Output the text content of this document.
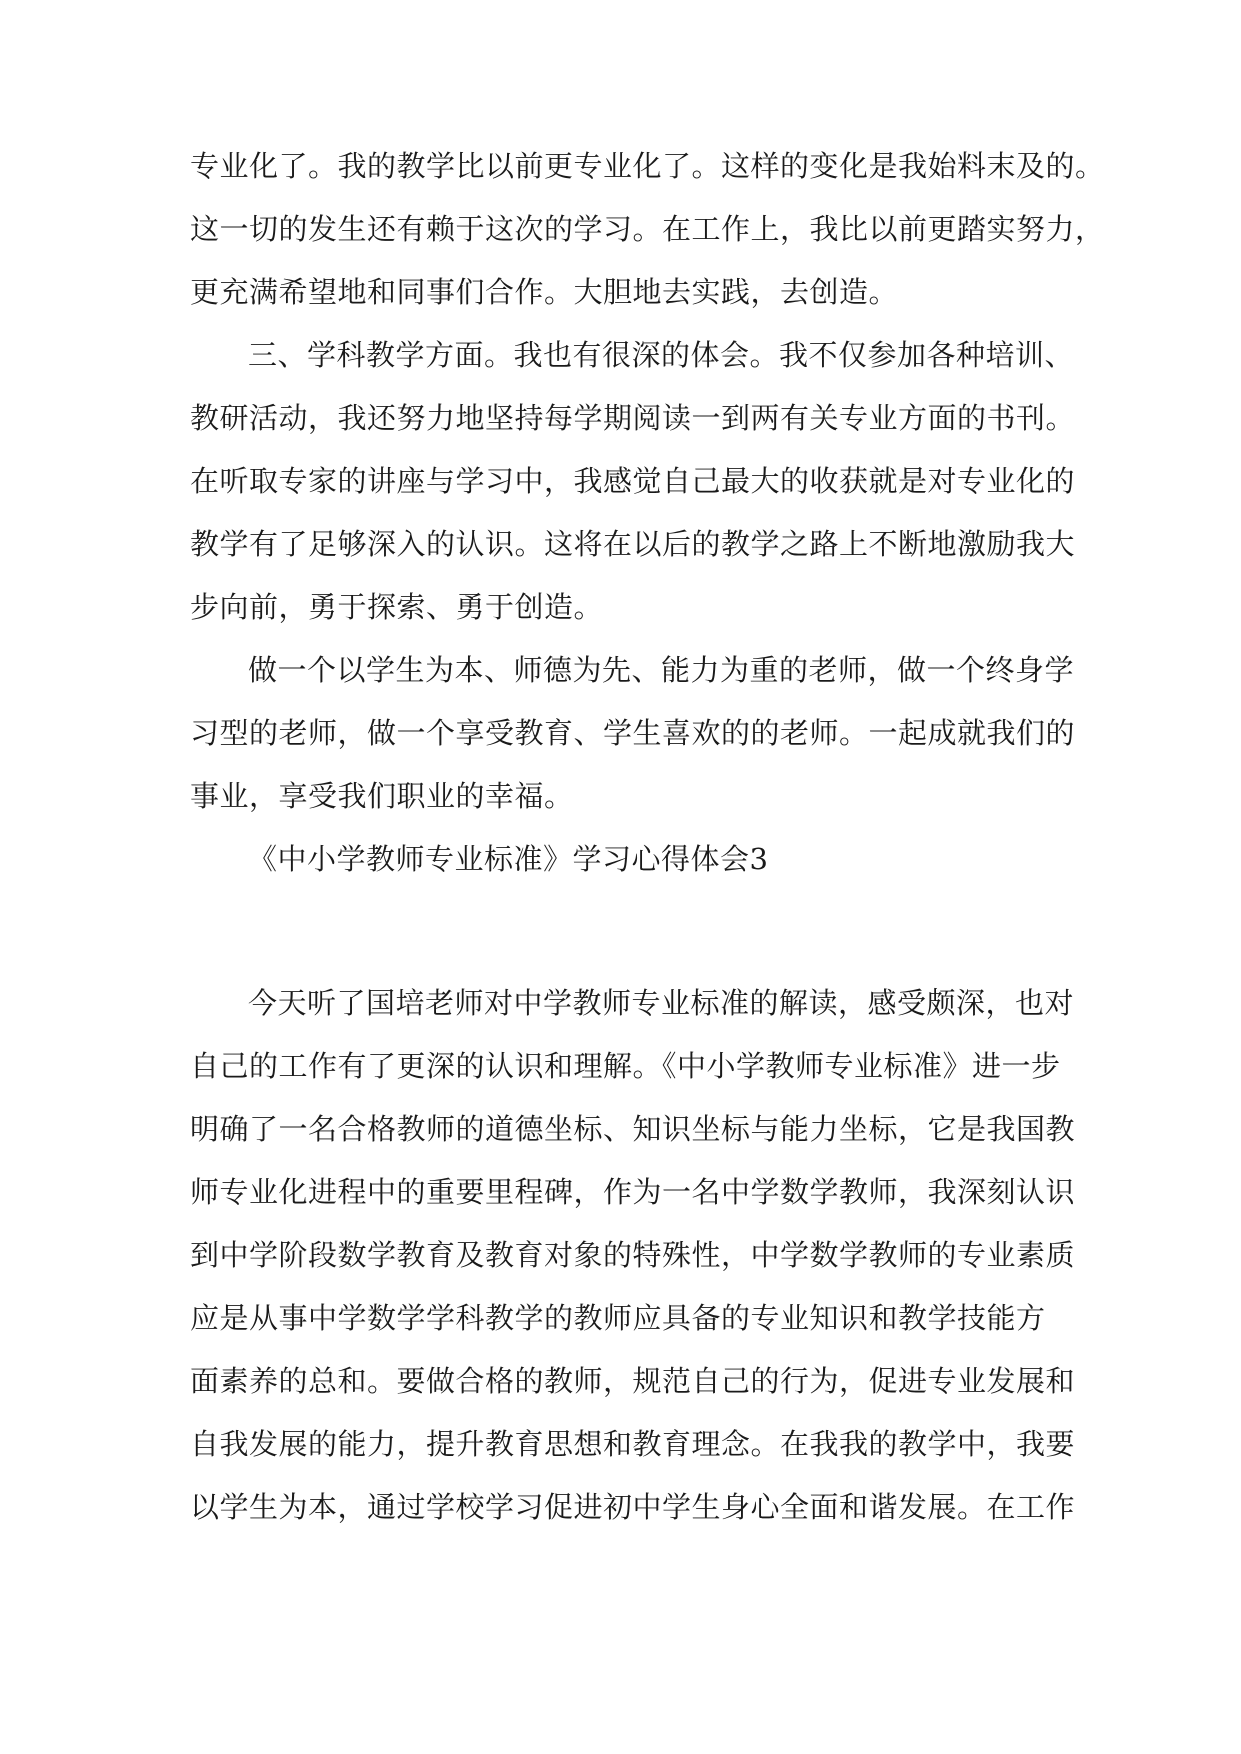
专业化了。我的教学比以前更专业化了。这样的变化是我始料末及的。
这一切的发生还有赖于这次的学习。在工作上，我比以前更踏实努力，
更充满希望地和同事们合作。大胆地去实践，去创造。
三、学科教学方面。我也有很深的体会。我不仅参加各种培训、
教研活动，我还努力地坚持每学期阅读一到两有关专业方面的书刊。
在听取专家的讲座与学习中，我感觉自己最大的收获就是对专业化的
教学有了足够深入的认识。这将在以后的教学之路上不断地激励我大
步向前，勇于探索、勇于创造。
做一个以学生为本、师德为先、能力为重的老师，做一个终身学
习型的老师，做一个享受教育、学生喜欢的的老师。一起成就我们的
事业，享受我们职业的幸福。
《中小学教师专业标准》学习心得体会3
今天听了国培老师对中学教师专业标准的解读，感受颇深，也对
自己的工作有了更深的认识和理解。《中小学教师专业标准》进一步
明确了一名合格教师的道德坐标、知识坐标与能力坐标，它是我国教
师专业化进程中的重要里程碑，作为一名中学数学教师，我深刻认识
到中学阶段数学教育及教育对象的特殊性，中学数学教师的专业素质
应是从事中学数学学科教学的教师应具备的专业知识和教学技能方
面素养的总和。要做合格的教师，规范自己的行为，促进专业发展和
自我发展的能力，提升教育思想和教育理念。在我我的教学中，我要
以学生为本，通过学校学习促进初中学生身心全面和谐发展。在工作
